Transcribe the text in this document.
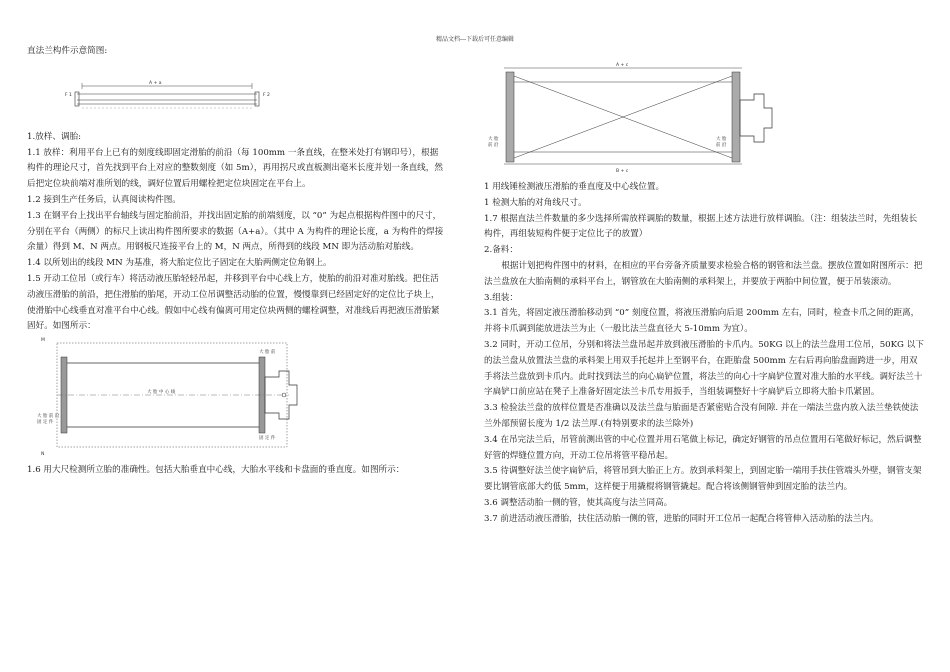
精品文档---下载后可任意编辑

直法兰构件示意简图:

A + a
F 1	F 2

1.放样、调胎:

1.1 放样：利用平台上已有的刻度线即固定滑胎的前沿（每 100mm 一条直线，在整米处打有钢印号），根据构件的理论尺寸，首先找到平台上对应的整数刻度（如 5m），再用拐尺或直板测出毫米长度并划一条直线，然后把定位块前端对准所划的线，调好位置后用螺栓把定位块固定在平台上。

1.2 接到生产任务后，认真阅读构件图。

1.3 在钢平台上找出平台轴线与固定胎前沿，并找出固定胎的前端刻度，以 “0” 为起点根据构件图中的尺寸，分别在平台（两侧）的标尺上读出构件图所要求的数据（A+a）。（其中 A 为构件的理论长度，a 为构件的焊接余量）得到 M、N 两点。用钢板尺连接平台上的 M，N 两点，所得到的线段 MN 即为活动胎对胎线。

1.4 以所划出的线段 MN 为基准，将大胎定位比子固定在大胎两侧定位角钢上。

1.5 开动工位吊（或行车）将活动液压胎轻轻吊起，并移到平台中心线上方，使胎的前沿对准对胎线。把住活动液压滑胎的前沿，把住滑胎的胎尾，开动工位吊调整活动胎的位置，慢慢靠到已经固定好的定位比子块上，使滑胎中心线垂直对准平台中心线。假如中心线有偏离可用定位块两侧的螺栓调整，对准线后再把液压滑胎紧固好。如图所示：

大 胎 中 心 线
M
N
大 胎 前 沿
固 定 件
大 胎 前
固 定 件

1.6 用大尺检测所立胎的准确性。包括大胎垂直中心线，大胎水平线和卡盘面的垂直度。如图所示：

A + c
B + c
大 胎
前 沿
大 胎
前 沿

1 用线锤检测液压滑胎的垂直度及中心线位置。

1 检测大胎的对角线尺寸。

1.7 根据直法兰件数量的多少选择所需放样调胎的数量，根据上述方法进行放样调胎。（注：组装法兰时，先组装长构件，再组装短构件便于定位比子的放置）

2.备料：

根据计划把构件图中的材料，在相应的平台旁备齐质量要求检验合格的钢管和法兰盘。摆放位置如附图所示：把法兰盘放在大胎南侧的承料平台上，钢管放在大胎南侧的承料架上，并要放于两胎中间位置，便于吊装滚动。

3.组装：

3.1 首先，将固定液压滑胎移动到 “0” 刻度位置，将液压滑胎向后退 200mm 左右，同时，检查卡爪之间的距离，并将卡爪调到能放进法兰为止（一般比法兰盘直径大 5-10mm 为宜）。

3.2 同时，开动工位吊，分别和将法兰盘吊起并放到液压滑胎的卡爪内。50KG 以上的法兰盘用工位吊，50KG 以下的法兰盘从放置法兰盘的承料架上用双手托起并上至钢平台，在距胎盘 500mm 左右后再向胎盘面跨进一步，用双手将法兰盘放到卡爪内。此时找到法兰的向心扁铲位置，将法兰的向心十字扁铲位置对准大胎的水平线。调好法兰十字扁铲口前应站在凳子上准备好固定法兰卡爪专用扳手，当组装调整好十字扁铲后立即将大胎卡爪紧固。

3.3 检验法兰盘的放样位置是否准确以及法兰盘与胎面是否紧密贴合没有间隙. 并在一端法兰盘内放入法兰垫铁使法兰外部预留长度为 1/2 法兰厚.(有特别要求的法兰除外)

3.4 在吊完法兰后，吊管前测出管的中心位置并用石笔做上标记，确定好钢管的吊点位置用石笔做好标记，然后调整好管的焊缝位置方向，开动工位吊将管平稳吊起。

3.5 待调整好法兰使字扁铲后，将管吊到大胎正上方。放到承料架上，到固定胎一端用手扶住管端头外壁，钢管支架要比钢管底部大约低 5mm，这样便于用撬棍将钢管撬起。配合将该侧钢管伸到固定胎的法兰内。

3.6 调整活动胎一侧的管，使其高度与法兰同高。

3.7 前进活动液压滑胎，扶住活动胎一侧的管，进胎的同时开工位吊一起配合将管伸入活动胎的法兰内。
